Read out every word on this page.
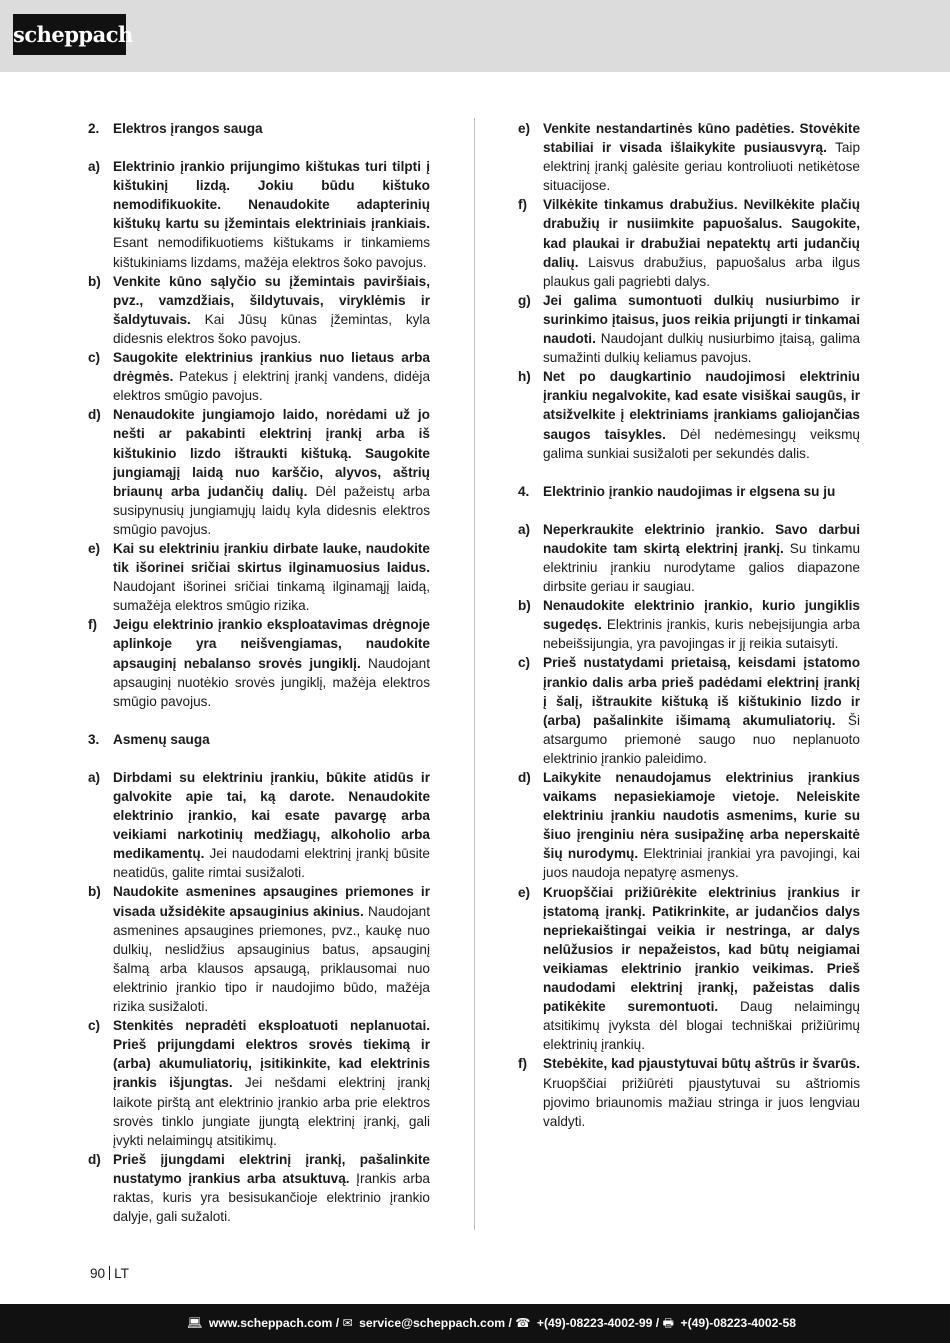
scheppach
2.	Elektros įrangos sauga
a) Elektrinio įrankio prijungimo kištukas turi tilpti į kištukinį lizdą. Jokiu būdu kištuko nemodifikuokite. Nenaudokite adapterinių kištukų kartu su įžemintais elektriniais įrankiais. Esant nemodifikuotiems kištukams ir tinkamiems kištukiniams lizdams, mažėja elektros šoko pavojus.
b) Venkite kūno sąlyčio su įžemintais paviršiais, pvz., vamzdžiais, šildytuvais, viryklėmis ir šaldytuvais. Kai Jūsų kūnas įžemintas, kyla didesnis elektros šoko pavojus.
c) Saugokite elektrinius įrankius nuo lietaus arba drėgmės. Patekus į elektrinį įrankį vandens, didėja elektros smūgio pavojus.
d) Nenaudokite jungiamojo laido, norėdami už jo nešti ar pakabinti elektrinį įrankį arba iš kištukinio lizdo ištraukti kištuką. Saugokite jungiamąjį laidą nuo karščio, alyvos, aštrių briaunų arba judančių dalių. Dėl pažeistų arba susipynusių jungiamųjų laidų kyla didesnis elektros smūgio pavojus.
e) Kai su elektriniu įrankiu dirbate lauke, naudokite tik išorinei sričiai skirtus ilginamuosius laidus. Naudojant išorinei sričiai tinkamą ilginamąjį laidą, sumažėja elektros smūgio rizika.
f)	Jeigu elektrinio įrankio eksploatavimas drėgnoje aplinkoje yra neišvengiamas, naudokite apsauginį nebalanso srovės jungiklį. Naudojant apsauginį nuotėkio srovės jungiklį, mažėja elektros smūgio pavojus.
3.	Asmenų sauga
a) Dirbdami su elektriniu įrankiu, būkite atidūs ir galvokite apie tai, ką darote. Nenaudokite elektrinio įrankio, kai esate pavargę arba veikiami narkotinių medžiagų, alkoholio arba medikamentų. Jei naudodami elektrinį įrankį būsite neatidūs, galite rimtai susižaloti.
b) Naudokite asmenines apsaugines priemones ir visada užsidėkite apsauginius akinius. Naudojant asmenines apsaugines priemones, pvz., kaukę nuo dulkių, neslidžius apsauginius batus, apsauginį šalmą arba klausos apsaugą, priklausomai nuo elektrinio įrankio tipo ir naudojimo būdo, mažėja rizika susižaloti.
c) Stenkitės nepradėti eksploatuoti neplanuotai. Prieš prijungdami elektros srovės tiekimą ir (arba) akumuliatorių, įsitikinkite, kad elektrinis įrankis išjungtas. Jei nešdami elektrinį įrankį laikote pirštą ant elektrinio įrankio arba prie elektros srovės tinklo jungiate įjungtą elektrinį įrankį, gali įvykti nelaimingų atsitikimų.
d) Prieš įjungdami elektrinį įrankį, pašalinkite nustatymo įrankius arba atsuktuvą. Įrankis arba raktas, kuris yra besisukančioje elektrinio įrankio dalyje, gali sužaloti.
e) Venkite nestandartinės kūno padėties. Stovėkite stabiliai ir visada išlaikykite pusiausvyrą. Taip elektrinį įrankį galėsite geriau kontroliuoti netikėtose situacijose.
f)	Vilkėkite tinkamus drabužius. Nevilkėkite plačių drabužių ir nusiimkite papuošalus. Saugokite, kad plaukai ir drabužiai nepatektų arti judančių dalių. Laisvus drabužius, papuošalus arba ilgus plaukus gali pagriebti dalys.
g) Jei galima sumontuoti dulkių nusiurbimo ir surinkimo įtaisus, juos reikia prijungti ir tinkamai naudoti. Naudojant dulkių nusiurbimo įtaisą, galima sumažinti dulkių keliamus pavojus.
h) Net po daugkartinio naudojimosi elektriniu įrankiu negalvokite, kad esate visiškai saugūs, ir atsižvelkite į elektriniams įrankiams galiojančias saugos taisykles. Dėl nedėmesingų veiksmų galima sunkiai susižaloti per sekundės dalis.
4.	Elektrinio įrankio naudojimas ir elgsena su ju
a) Neperkraukite elektrinio įrankio. Savo darbui naudokite tam skirtą elektrinį įrankį. Su tinkamu elektriniu įrankiu nurodytame galios diapazone dirbsite geriau ir saugiau.
b) Nenaudokite elektrinio įrankio, kurio jungiklis sugedęs. Elektrinis įrankis, kuris nebeįsijungia arba nebeišsijungia, yra pavojingas ir jį reikia sutaisyti.
c) Prieš nustatydami prietaisą, keisdami įstatomo įrankio dalis arba prieš padėdami elektrinį įrankį į šalį, ištraukite kištuką iš kištukinio lizdo ir (arba) pašalinkite išimamą akumuliatorių. Ši atsargumo priemonė saugo nuo neplanuoto elektrinio įrankio paleidimo.
d) Laikykite nenaudojamus elektrinius įrankius vaikams nepasiekiamoje vietoje. Neleiskite elektriniu įrankiu naudotis asmenims, kurie su šiuo įrenginiu nėra susipažinę arba neperskaitė šių nurodymų. Elektriniai įrankiai yra pavojingi, kai juos naudoja nepatyrę asmenys.
e) Kruopščiai prižiūrėkite elektrinius įrankius ir įstatomą įrankį. Patikrinkite, ar judančios dalys nepriekaištingai veikia ir nestringa, ar dalys nelūžusios ir nepažeistos, kad būtų neigiamai veikiamas elektrinio įrankio veikimas. Prieš naudodami elektrinį įrankį, pažeistas dalis patikėkite suremontuoti. Daug nelaimingų atsitikimų įvyksta dėl blogai techniškai prižiūrimų elektrinių įrankių.
f)	Stebėkite, kad pjaustytuvai būtų aštrūs ir švarūs. Kruopščiai prižiūrėti pjaustytuvai su aštriomis pjovimo briaunomis mažiau stringa ir juos lengviau valdyti.
90 LT
💻︎ www.scheppach.com / ✉︎ service@scheppach.com / ☎︎ +(49)-08223-4002-99 / 🖶︎ +(49)-08223-4002-58
